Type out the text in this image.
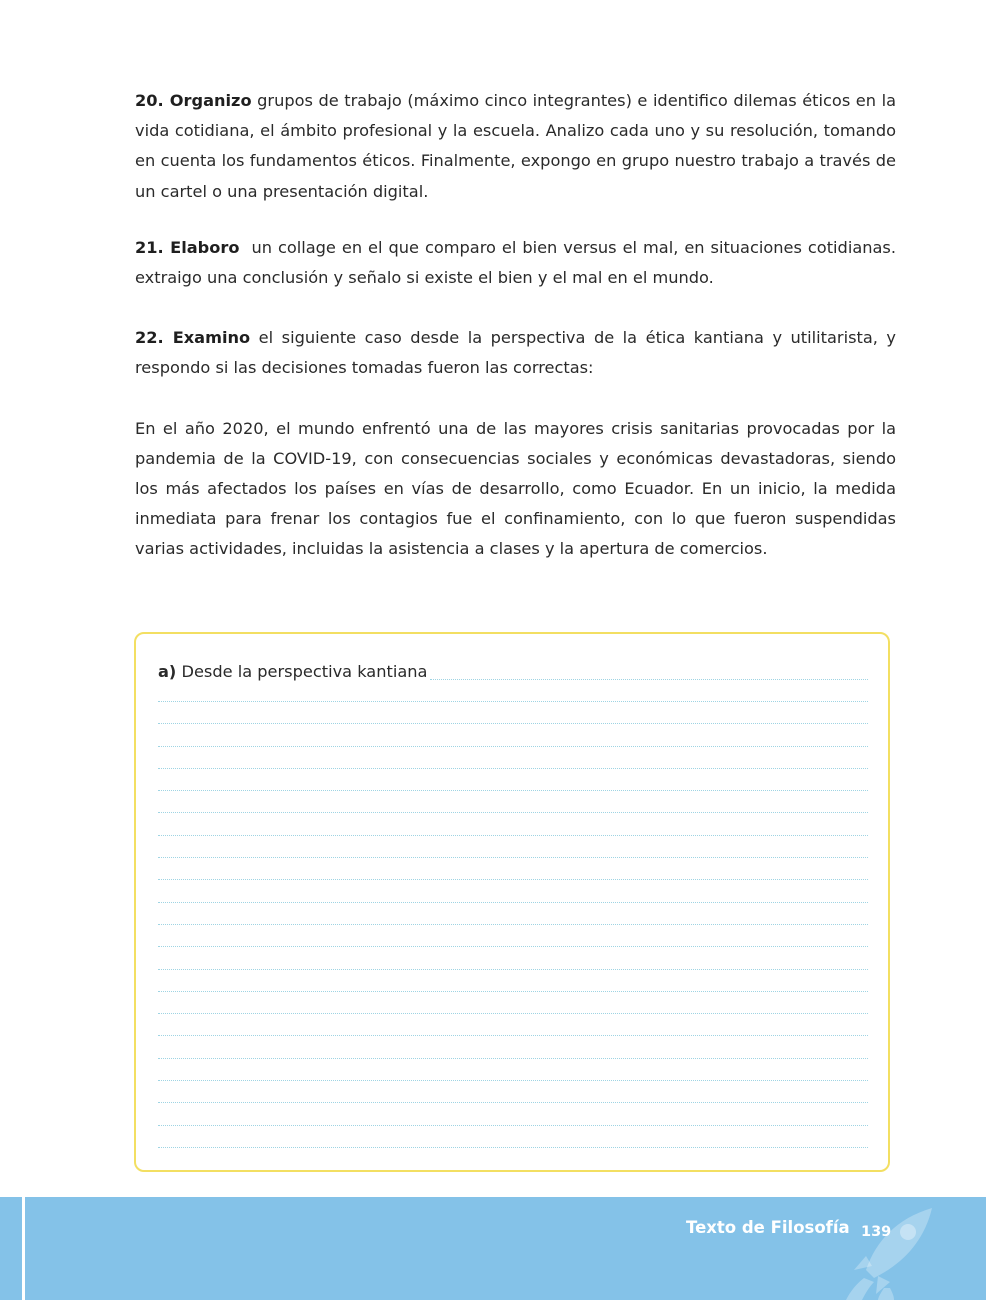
20. Organizo grupos de trabajo (máximo cinco integrantes) e identifico dilemas éticos en la vida cotidiana, el ámbito profesional y la escuela. Analizo cada uno y su resolución, tomando en cuenta los fundamentos éticos. Finalmente, expongo en grupo nuestro trabajo a través de un cartel o una presentación digital.

21. Elaboro  un collage en el que comparo el bien versus el mal, en situaciones cotidianas. extraigo una conclusión y señalo si existe el bien y el mal en el mundo.

22. Examino el siguiente caso desde la perspectiva de la ética kantiana y utilitarista, y respondo si las decisiones tomadas fueron las correctas:

En el año 2020, el mundo enfrentó una de las mayores crisis sanitarias provocadas por la pandemia de la COVID-19, con consecuencias sociales y económicas devastadoras, siendo los más afectados los países en vías de desarrollo, como Ecuador. En un inicio, la medida inmediata para frenar los contagios fue el confinamiento, con lo que fueron suspendidas varias actividades, incluidas la asistencia a clases y la apertura de comercios.

a) Desde la perspectiva kantiana
Texto de Filosofía 139
